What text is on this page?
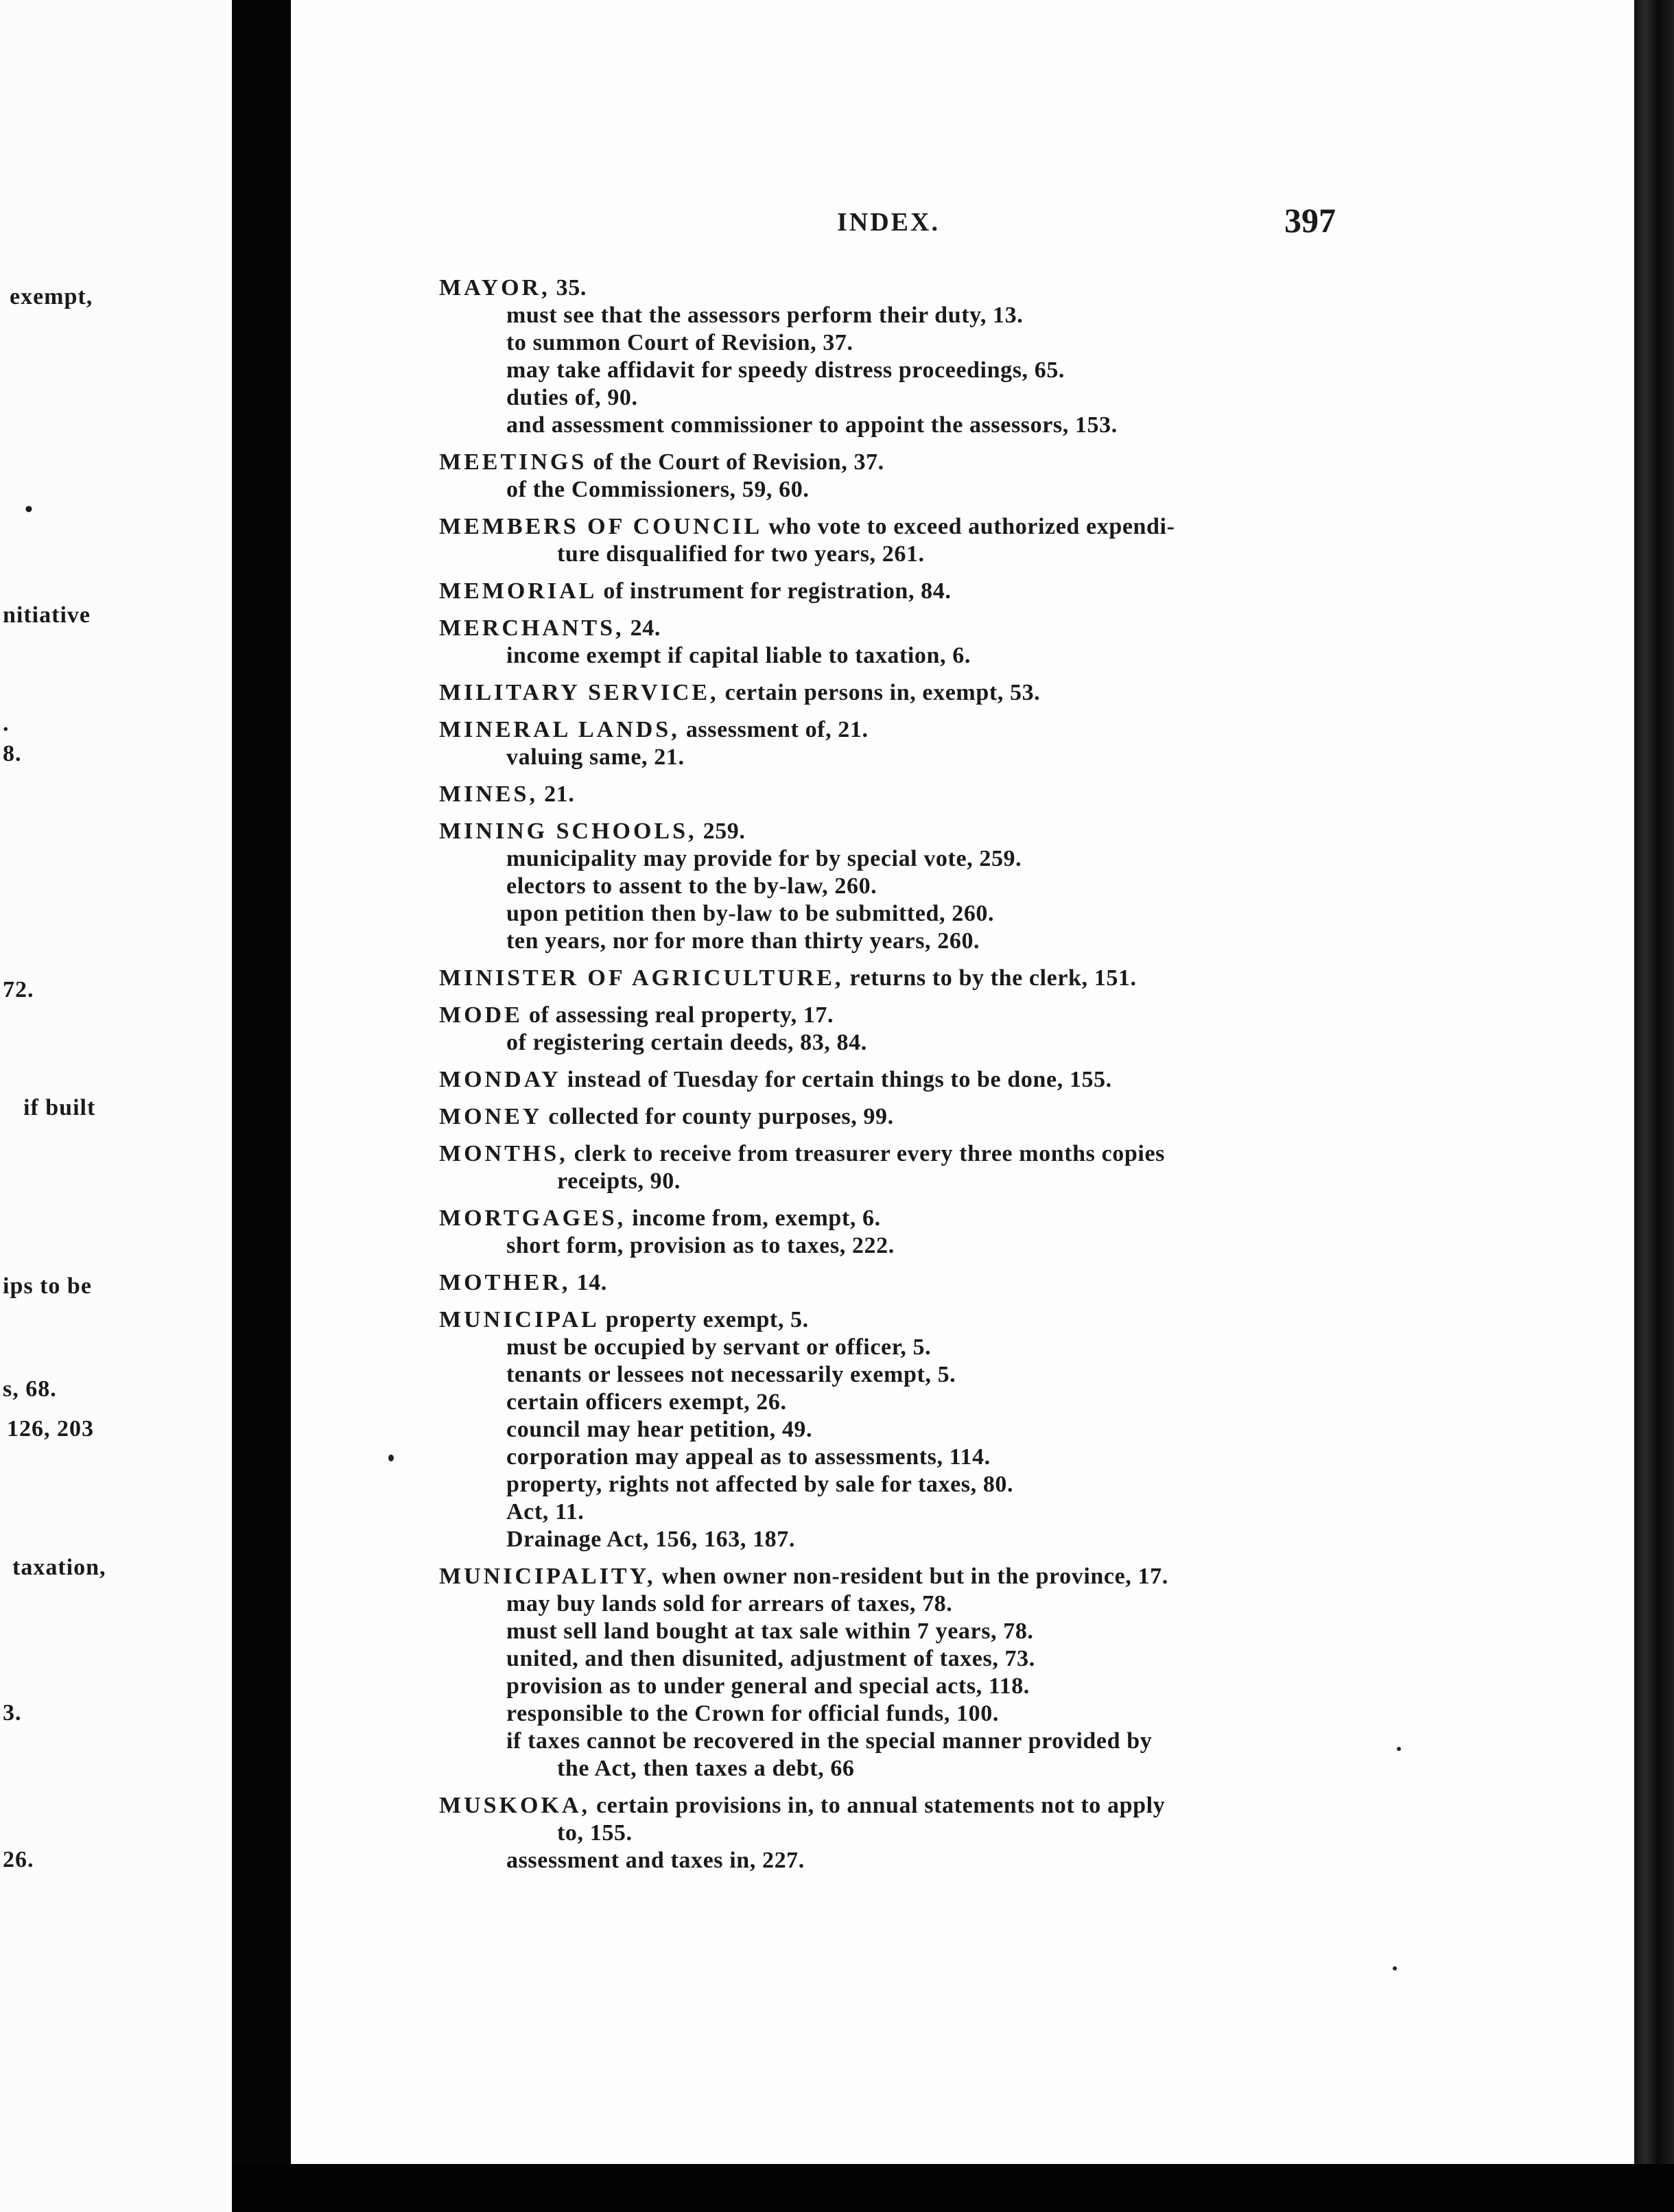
exempt,
•
nitiative
.
8.
72.
if built
ips to be
s, 68.
126, 203
taxation,
3.
26.
INDEX.	397
MAYOR, 35.
must see that the assessors perform their duty, 13.
to summon Court of Revision, 37.
may take affidavit for speedy distress proceedings, 65.
duties of, 90.
and assessment commissioner to appoint the assessors, 153.
MEETINGS of the Court of Revision, 37.
of the Commissioners, 59, 60.
MEMBERS OF COUNCIL who vote to exceed authorized expendi-
ture disqualified for two years, 261.
MEMORIAL of instrument for registration, 84.
MERCHANTS, 24.
income exempt if capital liable to taxation, 6.
MILITARY SERVICE, certain persons in, exempt, 53.
MINERAL LANDS, assessment of, 21.
valuing same, 21.
MINES, 21.
MINING SCHOOLS, 259.
municipality may provide for by special vote, 259.
electors to assent to the by-law, 260.
upon petition then by-law to be submitted, 260.
ten years, nor for more than thirty years, 260.
MINISTER OF AGRICULTURE, returns to by the clerk, 151.
MODE of assessing real property, 17.
of registering certain deeds, 83, 84.
MONDAY instead of Tuesday for certain things to be done, 155.
MONEY collected for county purposes, 99.
MONTHS, clerk to receive from treasurer every three months copies
receipts, 90.
MORTGAGES, income from, exempt, 6.
short form, provision as to taxes, 222.
MOTHER, 14.
MUNICIPAL property exempt, 5.
must be occupied by servant or officer, 5.
tenants or lessees not necessarily exempt, 5.
certain officers exempt, 26.
council may hear petition, 49.
corporation may appeal as to assessments, 114.
property, rights not affected by sale for taxes, 80.
Act, 11.
Drainage Act, 156, 163, 187.
MUNICIPALITY, when owner non-resident but in the province, 17.
may buy lands sold for arrears of taxes, 78.
must sell land bought at tax sale within 7 years, 78.
united, and then disunited, adjustment of taxes, 73.
provision as to under general and special acts, 118.
responsible to the Crown for official funds, 100.
if taxes cannot be recovered in the special manner provided by
the Act, then taxes a debt, 66
MUSKOKA, certain provisions in, to annual statements not to apply
to, 155.
assessment and taxes in, 227.
